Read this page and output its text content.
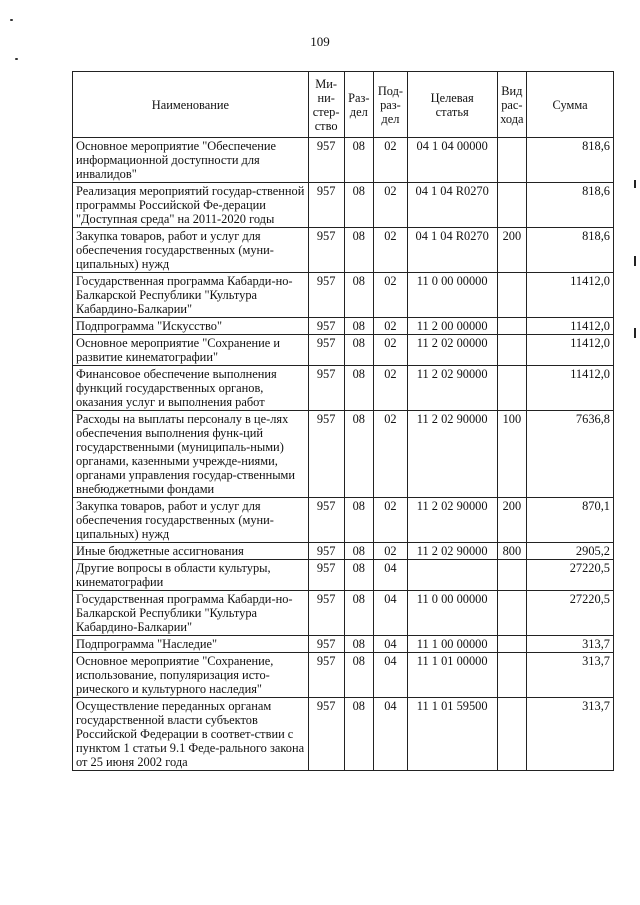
109
Наименование	Ми-
ни-
стер-
ство	Раз-
дел	Под-
раз-
дел	Целевая
статья	Вид
рас-
хода	Сумма
Основное мероприятие "Обеспечение информационной доступности для инвалидов"	957	08	02	04 1 04 00000		818,6
Реализация мероприятий государ-ственной программы Российской Фе-дерации "Доступная среда" на 2011-2020 годы	957	08	02	04 1 04 R0270		818,6
Закупка товаров, работ и услуг для обеспечения государственных (муни-ципальных) нужд	957	08	02	04 1 04 R0270	200	818,6
Государственная программа Кабарди-но-Балкарской Республики "Культура Кабардино-Балкарии"	957	08	02	11 0 00 00000		11412,0
Подпрограмма "Искусство"	957	08	02	11 2 00 00000		11412,0
Основное мероприятие "Сохранение и развитие кинематографии"	957	08	02	11 2 02 00000		11412,0
Финансовое обеспечение выполнения функций государственных органов, оказания услуг и выполнения работ	957	08	02	11 2 02 90000		11412,0
Расходы на выплаты персоналу в це-лях обеспечения выполнения функ-ций государственными (муниципаль-ными) органами, казенными учрежде-ниями, органами управления государ-ственными внебюджетными фондами	957	08	02	11 2 02 90000	100	7636,8
Закупка товаров, работ и услуг для обеспечения государственных (муни-ципальных) нужд	957	08	02	11 2 02 90000	200	870,1
Иные бюджетные ассигнования	957	08	02	11 2 02 90000	800	2905,2
Другие вопросы в области культуры, кинематографии	957	08	04			27220,5
Государственная программа Кабарди-но-Балкарской Республики "Культура Кабардино-Балкарии"	957	08	04	11 0 00 00000		27220,5
Подпрограмма "Наследие"	957	08	04	11 1 00 00000		313,7
Основное мероприятие "Сохранение, использование, популяризация исто-рического и культурного наследия"	957	08	04	11 1 01 00000		313,7
Осуществление переданных органам государственной власти субъектов Российской Федерации в соответ-ствии с пунктом 1 статьи 9.1 Феде-рального закона от 25 июня 2002 года	957	08	04	11 1 01 59500		313,7
